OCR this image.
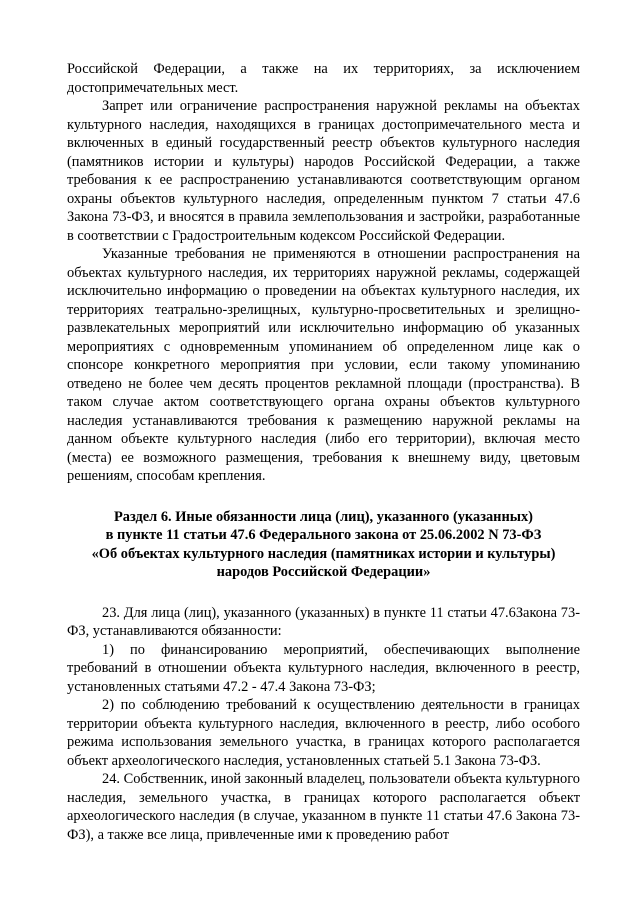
Российской Федерации, а также на их территориях, за исключением достопримечательных мест.

Запрет или ограничение распространения наружной рекламы на объектах культурного наследия, находящихся в границах достопримечательного места и включенных в единый государственный реестр объектов культурного наследия (памятников истории и культуры) народов Российской Федерации, а также требования к ее распространению устанавливаются соответствующим органом охраны объектов культурного наследия, определенным пунктом 7 статьи 47.6 Закона 73-ФЗ, и вносятся в правила землепользования и застройки, разработанные в соответствии с Градостроительным кодексом Российской Федерации.

Указанные требования не применяются в отношении распространения на объектах культурного наследия, их территориях наружной рекламы, содержащей исключительно информацию о проведении на объектах культурного наследия, их территориях театрально-зрелищных, культурно-просветительных и зрелищно-развлекательных мероприятий или исключительно информацию об указанных мероприятиях с одновременным упоминанием об определенном лице как о спонсоре конкретного мероприятия при условии, если такому упоминанию отведено не более чем десять процентов рекламной площади (пространства). В таком случае актом соответствующего органа охраны объектов культурного наследия устанавливаются требования к размещению наружной рекламы на данном объекте культурного наследия (либо его территории), включая место (места) ее возможного размещения, требования к внешнему виду, цветовым решениям, способам крепления.

Раздел 6. Иные обязанности лица (лиц), указанного (указанных)
в пункте 11 статьи 47.6 Федерального закона от 25.06.2002 N 73-ФЗ
«Об объектах культурного наследия (памятниках истории и культуры)
народов Российской Федерации»

23. Для лица (лиц), указанного (указанных) в пункте 11 статьи 47.6Закона 73-ФЗ, устанавливаются обязанности:

1) по финансированию мероприятий, обеспечивающих выполнение требований в отношении объекта культурного наследия, включенного в реестр, установленных статьями 47.2 - 47.4 Закона 73-ФЗ;

2) по соблюдению требований к осуществлению деятельности в границах территории объекта культурного наследия, включенного в реестр, либо особого режима использования земельного участка, в границах которого располагается объект археологического наследия, установленных статьей 5.1 Закона 73-ФЗ.

24. Собственник, иной законный владелец, пользователи объекта культурного наследия, земельного участка, в границах которого располагается объект археологического наследия (в случае, указанном в пункте 11 статьи 47.6 Закона 73-ФЗ), а также все лица, привлеченные ими к проведению работ
